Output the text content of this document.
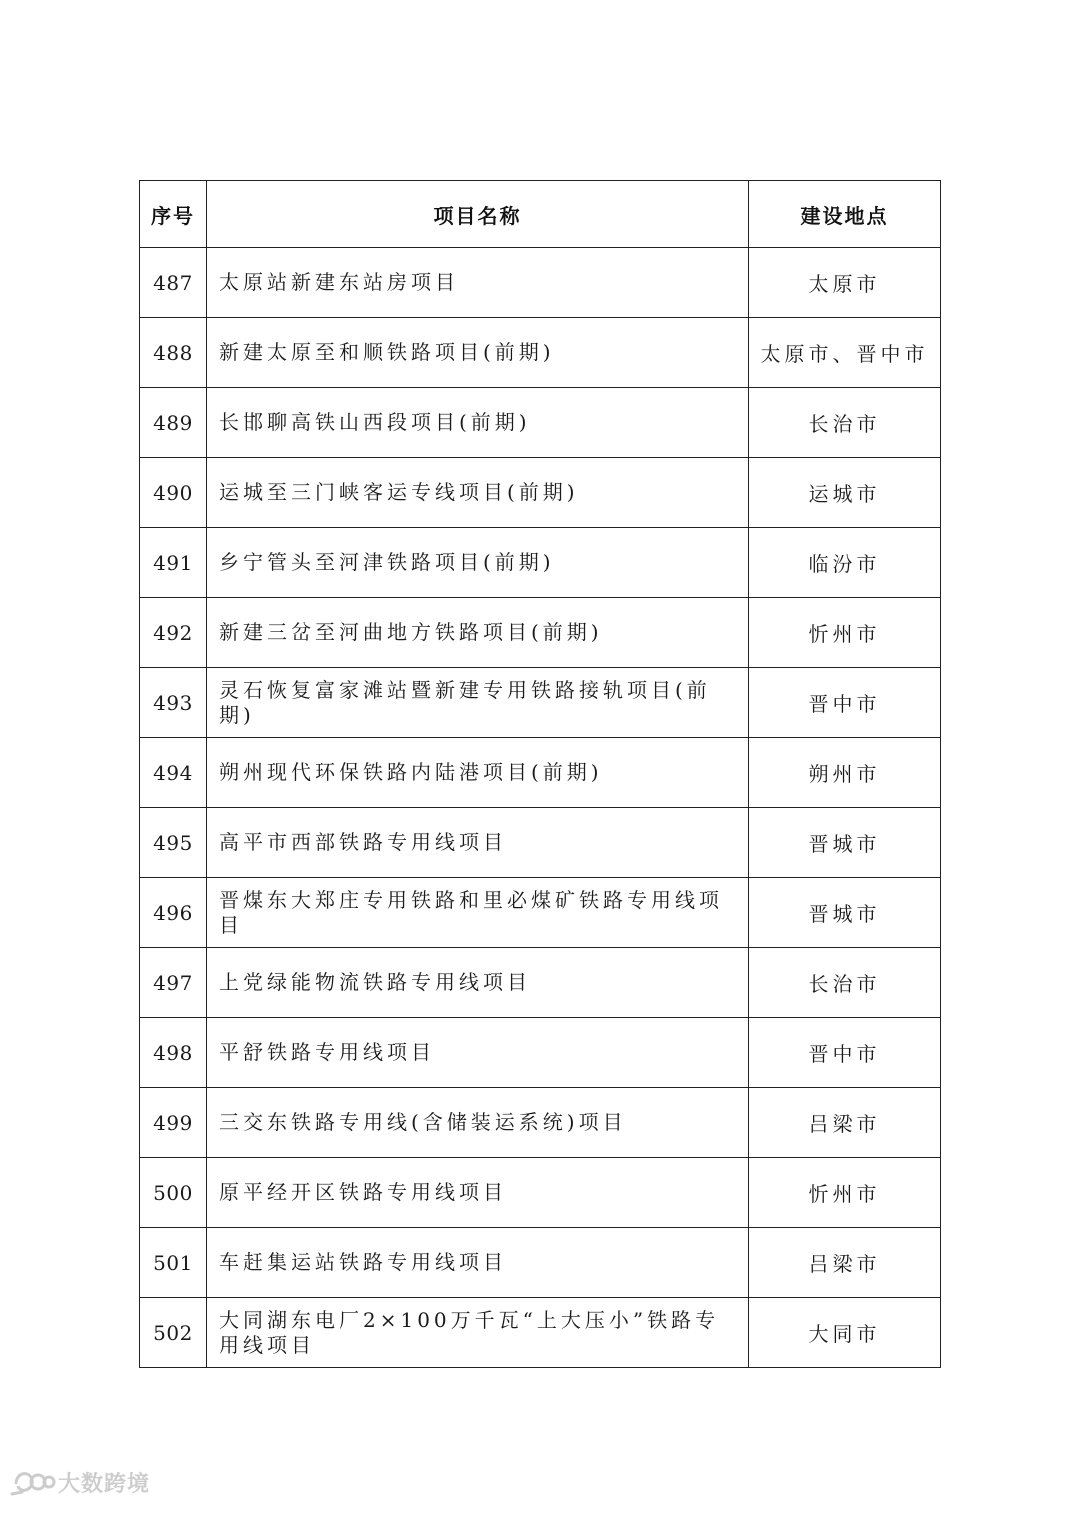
序号	项目名称	建设地点
487	太原站新建东站房项目	太原市
488	新建太原至和顺铁路项目(前期)	太原市、晋中市
489	长邯聊高铁山西段项目(前期)	长治市
490	运城至三门峡客运专线项目(前期)	运城市
491	乡宁管头至河津铁路项目(前期)	临汾市
492	新建三岔至河曲地方铁路项目(前期)	忻州市
493	灵石恢复富家滩站暨新建专用铁路接轨项目(前期)	晋中市
494	朔州现代环保铁路内陆港项目(前期)	朔州市
495	高平市西部铁路专用线项目	晋城市
496	晋煤东大郑庄专用铁路和里必煤矿铁路专用线项目	晋城市
497	上党绿能物流铁路专用线项目	长治市
498	平舒铁路专用线项目	晋中市
499	三交东铁路专用线(含储装运系统)项目	吕梁市
500	原平经开区铁路专用线项目	忻州市
501	车赶集运站铁路专用线项目	吕梁市
502	大同湖东电厂2×100万千瓦“上大压小”铁路专用线项目	大同市
大数跨境
